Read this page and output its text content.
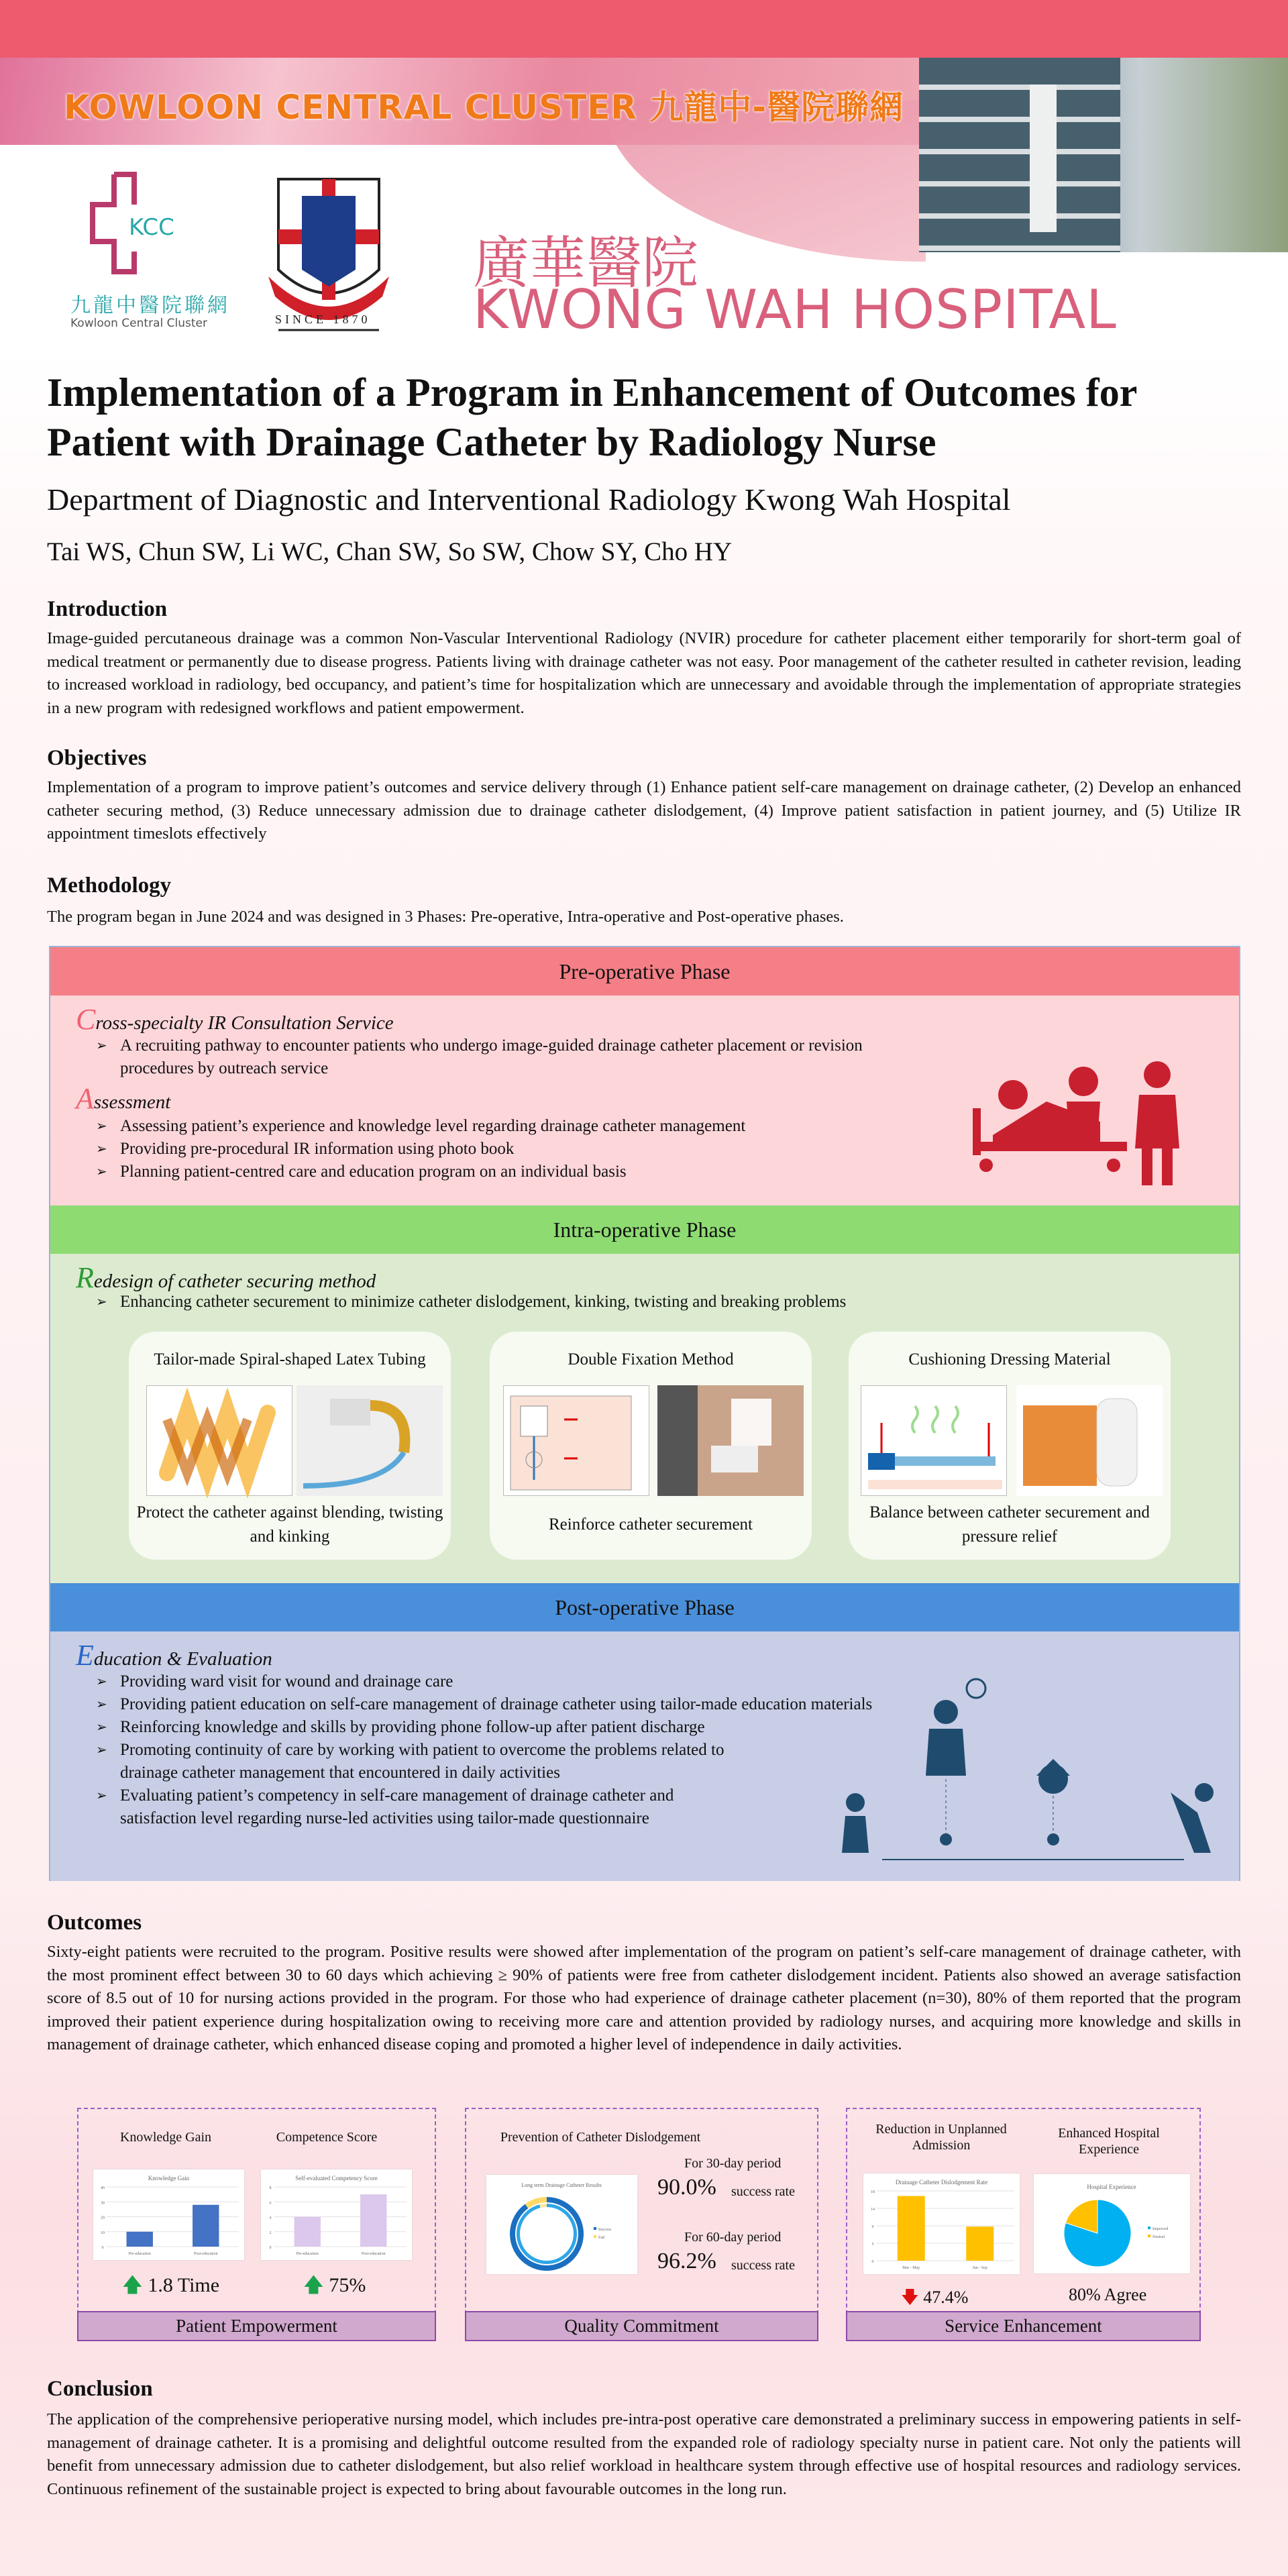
KOWLOON CENTRAL CLUSTER 九龍中-醫院聯網
KCC
九龍中醫院聯網
Kowloon Central Cluster	SINCE 1870
廣華醫院
KWONG WAH HOSPITAL
Implementation of a Program in Enhancement of Outcomes for Patient with Drainage Catheter by Radiology Nurse
Department of Diagnostic and Interventional Radiology Kwong Wah Hospital
Tai WS, Chun SW, Li WC, Chan SW, So SW, Chow SY, Cho HY
Introduction
Image-guided percutaneous drainage was a common Non-Vascular Interventional Radiology (NVIR) procedure for catheter placement either temporarily for short-term goal of medical treatment or permanently due to disease progress. Patients living with drainage catheter was not easy. Poor management of the catheter resulted in catheter revision, leading to increased workload in radiology, bed occupancy, and patient’s time for hospitalization which are unnecessary and avoidable through the implementation of appropriate strategies in a new program with redesigned workflows and patient empowerment.
Objectives
Implementation of a program to improve patient’s outcomes and service delivery through (1) Enhance patient self-care management on drainage catheter, (2) Develop an enhanced catheter securing method, (3) Reduce unnecessary admission due to drainage catheter dislodgement, (4) Improve patient satisfaction in patient journey, and (5) Utilize IR appointment timeslots effectively
Methodology
The program began in June 2024 and was designed in 3 Phases: Pre-operative, Intra-operative and Post-operative phases.
Pre-operative Phase
Cross-specialty IR Consultation Service
➢ A recruiting pathway to encounter patients who undergo image-guided drainage catheter placement or revision procedures by outreach service
Assessment
➢ Assessing patient’s experience and knowledge level regarding drainage catheter management
➢ Providing pre-procedural IR information using photo book
➢ Planning patient-centred care and education program on an individual basis
Intra-operative Phase
Redesign of catheter securing method
➢ Enhancing catheter securement to minimize catheter dislodgement, kinking, twisting and breaking problems
Post-operative Phase
Education & Evaluation
➢ Providing ward visit for wound and drainage care
➢ Providing patient education on self-care management of drainage catheter using tailor-made education materials
➢ Reinforcing knowledge and skills by providing phone follow-up after patient discharge
➢ Promoting continuity of care by working with patient to overcome the problems related to drainage catheter management that encountered in daily activities
➢ Evaluating patient’s competency in self-care management of drainage catheter and satisfaction level regarding nurse-led activities using tailor-made questionnaire
Tailor-made Spiral-shaped Latex Tubing
Protect the catheter against blending, twisting and kinking
Double Fixation Method
Reinforce catheter securement
Cushioning Dressing Material
Balance between catheter securement and pressure relief
Outcomes
Sixty-eight patients were recruited to the program. Positive results were showed after implementation of the program on patient’s self-care management of drainage catheter, with the most prominent effect between 30 to 60 days which achieving ≥ 90% of patients were free from catheter dislodgement incident. Patients also showed an average satisfaction score of 8.5 out of 10 for nursing actions provided in the program. For those who had experience of drainage catheter placement (n=30), 80% of them reported that the program improved their patient experience during hospitalization owing to receiving more care and attention provided by radiology nurses, and acquiring more knowledge and skills in management of drainage catheter, which enhanced disease coping and promoted a higher level of independence in daily activities.
Knowledge Gain	Competence Score
Knowledge Gain
0
10
20
30
40
Pre-education	Post-education
Self-evaluated Competency Score
0
2
4
6
8
Pre-education	Post-education
🡅 1.8 Time	🡅 75%
Patient Empowerment
Prevention of Catheter Dislodgement
Long term Drainage Catheter Results
Success
Fail
For 30-day period
90.0% success rate
For 60-day period
96.2% success rate
Quality Commitment
Reduction in Unplanned Admission
Enhanced Hospital Experience
Drainage Catheter Dislodgement Rate
0
5
9
14
18
Mar - May	Jun - Sep
Hospital Experience
Improved
Neutral
🡇 47.4%	80% Agree
Service Enhancement
Conclusion
The application of the comprehensive perioperative nursing model, which includes pre-intra-post operative care demonstrated a preliminary success in empowering patients in self-management of drainage catheter. It is a promising and delightful outcome resulted from the expanded role of radiology specialty nurse in patient care. Not only the patients will benefit from unnecessary admission due to catheter dislodgement, but also relief workload in healthcare system through effective use of hospital resources and radiology services. Continuous refinement of the sustainable project is expected to bring about favourable outcomes in the long run.
